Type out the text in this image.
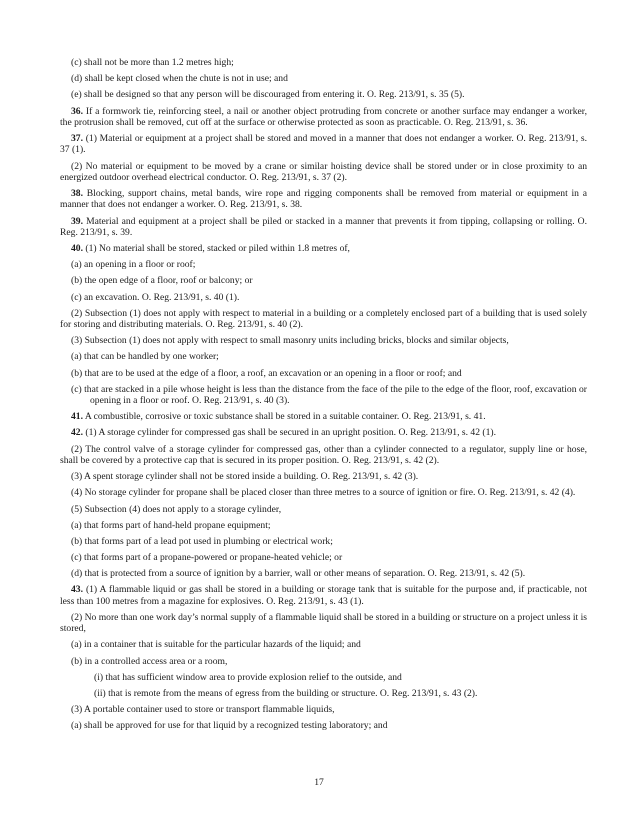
(c) shall not be more than 1.2 metres high;

(d) shall be kept closed when the chute is not in use; and

(e) shall be designed so that any person will be discouraged from entering it. O. Reg. 213/91, s. 35 (5).

36. If a formwork tie, reinforcing steel, a nail or another object protruding from concrete or another surface may endanger a worker, the protrusion shall be removed, cut off at the surface or otherwise protected as soon as practicable. O. Reg. 213/91, s. 36.

37. (1) Material or equipment at a project shall be stored and moved in a manner that does not endanger a worker. O. Reg. 213/91, s. 37 (1).

(2) No material or equipment to be moved by a crane or similar hoisting device shall be stored under or in close proximity to an energized outdoor overhead electrical conductor. O. Reg. 213/91, s. 37 (2).

38. Blocking, support chains, metal bands, wire rope and rigging components shall be removed from material or equipment in a manner that does not endanger a worker. O. Reg. 213/91, s. 38.

39. Material and equipment at a project shall be piled or stacked in a manner that prevents it from tipping, collapsing or rolling. O. Reg. 213/91, s. 39.

40. (1) No material shall be stored, stacked or piled within 1.8 metres of,

(a) an opening in a floor or roof;

(b) the open edge of a floor, roof or balcony; or

(c) an excavation. O. Reg. 213/91, s. 40 (1).

(2) Subsection (1) does not apply with respect to material in a building or a completely enclosed part of a building that is used solely for storing and distributing materials. O. Reg. 213/91, s. 40 (2).

(3) Subsection (1) does not apply with respect to small masonry units including bricks, blocks and similar objects,

(a) that can be handled by one worker;

(b) that are to be used at the edge of a floor, a roof, an excavation or an opening in a floor or roof; and

(c) that are stacked in a pile whose height is less than the distance from the face of the pile to the edge of the floor, roof, excavation or opening in a floor or roof. O. Reg. 213/91, s. 40 (3).

41. A combustible, corrosive or toxic substance shall be stored in a suitable container. O. Reg. 213/91, s. 41.

42. (1) A storage cylinder for compressed gas shall be secured in an upright position. O. Reg. 213/91, s. 42 (1).

(2) The control valve of a storage cylinder for compressed gas, other than a cylinder connected to a regulator, supply line or hose, shall be covered by a protective cap that is secured in its proper position. O. Reg. 213/91, s. 42 (2).

(3) A spent storage cylinder shall not be stored inside a building. O. Reg. 213/91, s. 42 (3).

(4) No storage cylinder for propane shall be placed closer than three metres to a source of ignition or fire. O. Reg. 213/91, s. 42 (4).

(5) Subsection (4) does not apply to a storage cylinder,

(a) that forms part of hand-held propane equipment;

(b) that forms part of a lead pot used in plumbing or electrical work;

(c) that forms part of a propane-powered or propane-heated vehicle; or

(d) that is protected from a source of ignition by a barrier, wall or other means of separation. O. Reg. 213/91, s. 42 (5).

43. (1) A flammable liquid or gas shall be stored in a building or storage tank that is suitable for the purpose and, if practicable, not less than 100 metres from a magazine for explosives. O. Reg. 213/91, s. 43 (1).

(2) No more than one work day’s normal supply of a flammable liquid shall be stored in a building or structure on a project unless it is stored,

(a) in a container that is suitable for the particular hazards of the liquid; and

(b) in a controlled access area or a room,

(i) that has sufficient window area to provide explosion relief to the outside, and

(ii) that is remote from the means of egress from the building or structure. O. Reg. 213/91, s. 43 (2).

(3) A portable container used to store or transport flammable liquids,

(a) shall be approved for use for that liquid by a recognized testing laboratory; and

17
